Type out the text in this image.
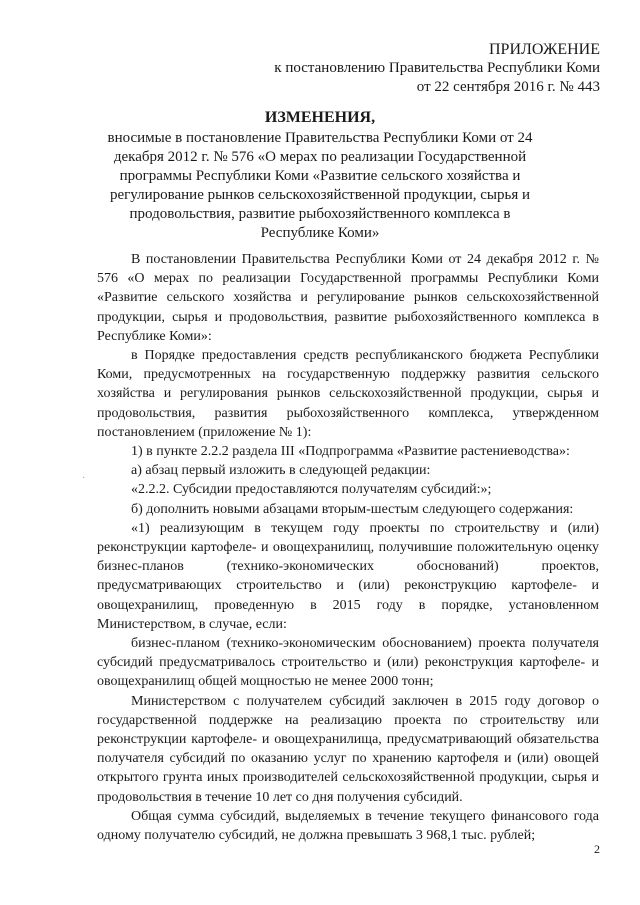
ПРИЛОЖЕНИЕ
к постановлению Правительства Республики Коми
от 22 сентября 2016 г. № 443
ИЗМЕНЕНИЯ,
вносимые в постановление Правительства Республики Коми от 24 декабря 2012 г. № 576 «О мерах по реализации Государственной программы Республики Коми «Развитие сельского хозяйства и регулирование рынков сельскохозяйственной продукции, сырья и продовольствия, развитие рыбохозяйственного комплекса в Республике Коми»

В постановлении Правительства Республики Коми от 24 декабря 2012 г. № 576 «О мерах по реализации Государственной программы Республики Коми «Развитие сельского хозяйства и регулирование рынков сельскохозяйственной продукции, сырья и продовольствия, развитие рыбохозяйственного комплекса в Республике Коми»:

в Порядке предоставления средств республиканского бюджета Республики Коми, предусмотренных на государственную поддержку развития сельского хозяйства и регулирования рынков сельскохозяйственной продукции, сырья и продовольствия, развития рыбохозяйственного комплекса, утвержденном постановлением (приложение № 1):

1) в пункте 2.2.2 раздела III «Подпрограмма «Развитие растениеводства»:

а) абзац первый изложить в следующей редакции:

«2.2.2. Субсидии предоставляются получателям субсидий:»;

б) дополнить новыми абзацами вторым-шестым следующего содержания:

«1) реализующим в текущем году проекты по строительству и (или) реконструкции картофеле- и овощехранилищ, получившие положительную оценку бизнес-планов (технико-экономических обоснований) проектов, предусматривающих строительство и (или) реконструкцию картофеле- и овощехранилищ, проведенную в 2015 году в порядке, установленном Министерством, в случае, если:

бизнес-планом (технико-экономическим обоснованием) проекта получателя субсидий предусматривалось строительство и (или) реконструкция картофеле- и овощехранилищ общей мощностью не менее 2000 тонн;

Министерством с получателем субсидий заключен в 2015 году договор о государственной поддержке на реализацию проекта по строительству или реконструкции картофеле- и овощехранилища, предусматривающий обязательства получателя субсидий по оказанию услуг по хранению картофеля и (или) овощей открытого грунта иных производителей сельскохозяйственной продукции, сырья и продовольствия в течение 10 лет со дня получения субсидий.

Общая сумма субсидий, выделяемых в течение текущего финансового года одному получателю субсидий, не должна превышать 3 968,1 тыс. рублей;

·
2
